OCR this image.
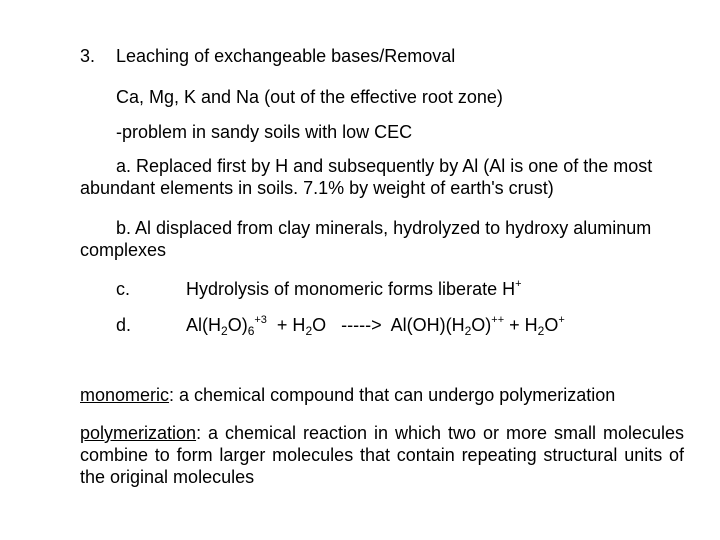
3. Leaching of exchangeable bases/Removal
Ca, Mg, K and Na (out of the effective root zone)
-problem in sandy soils with low CEC
a. Replaced first by H and subsequently by Al (Al is one of the most abundant elements in soils. 7.1% by weight of earth's crust)
b. Al displaced from clay minerals, hydrolyzed to hydroxy aluminum complexes
c.	Hydrolysis of monomeric forms liberate H+
d.	$Al(H_2O)_6^{+3} + H_2O$   ----->  $Al(OH)(H_2O)^{++} + H_2O^+$
monomeric: a chemical compound that can undergo polymerization
polymerization: a chemical reaction in which two or more small molecules combine to form larger molecules that contain repeating structural units of the original molecules
